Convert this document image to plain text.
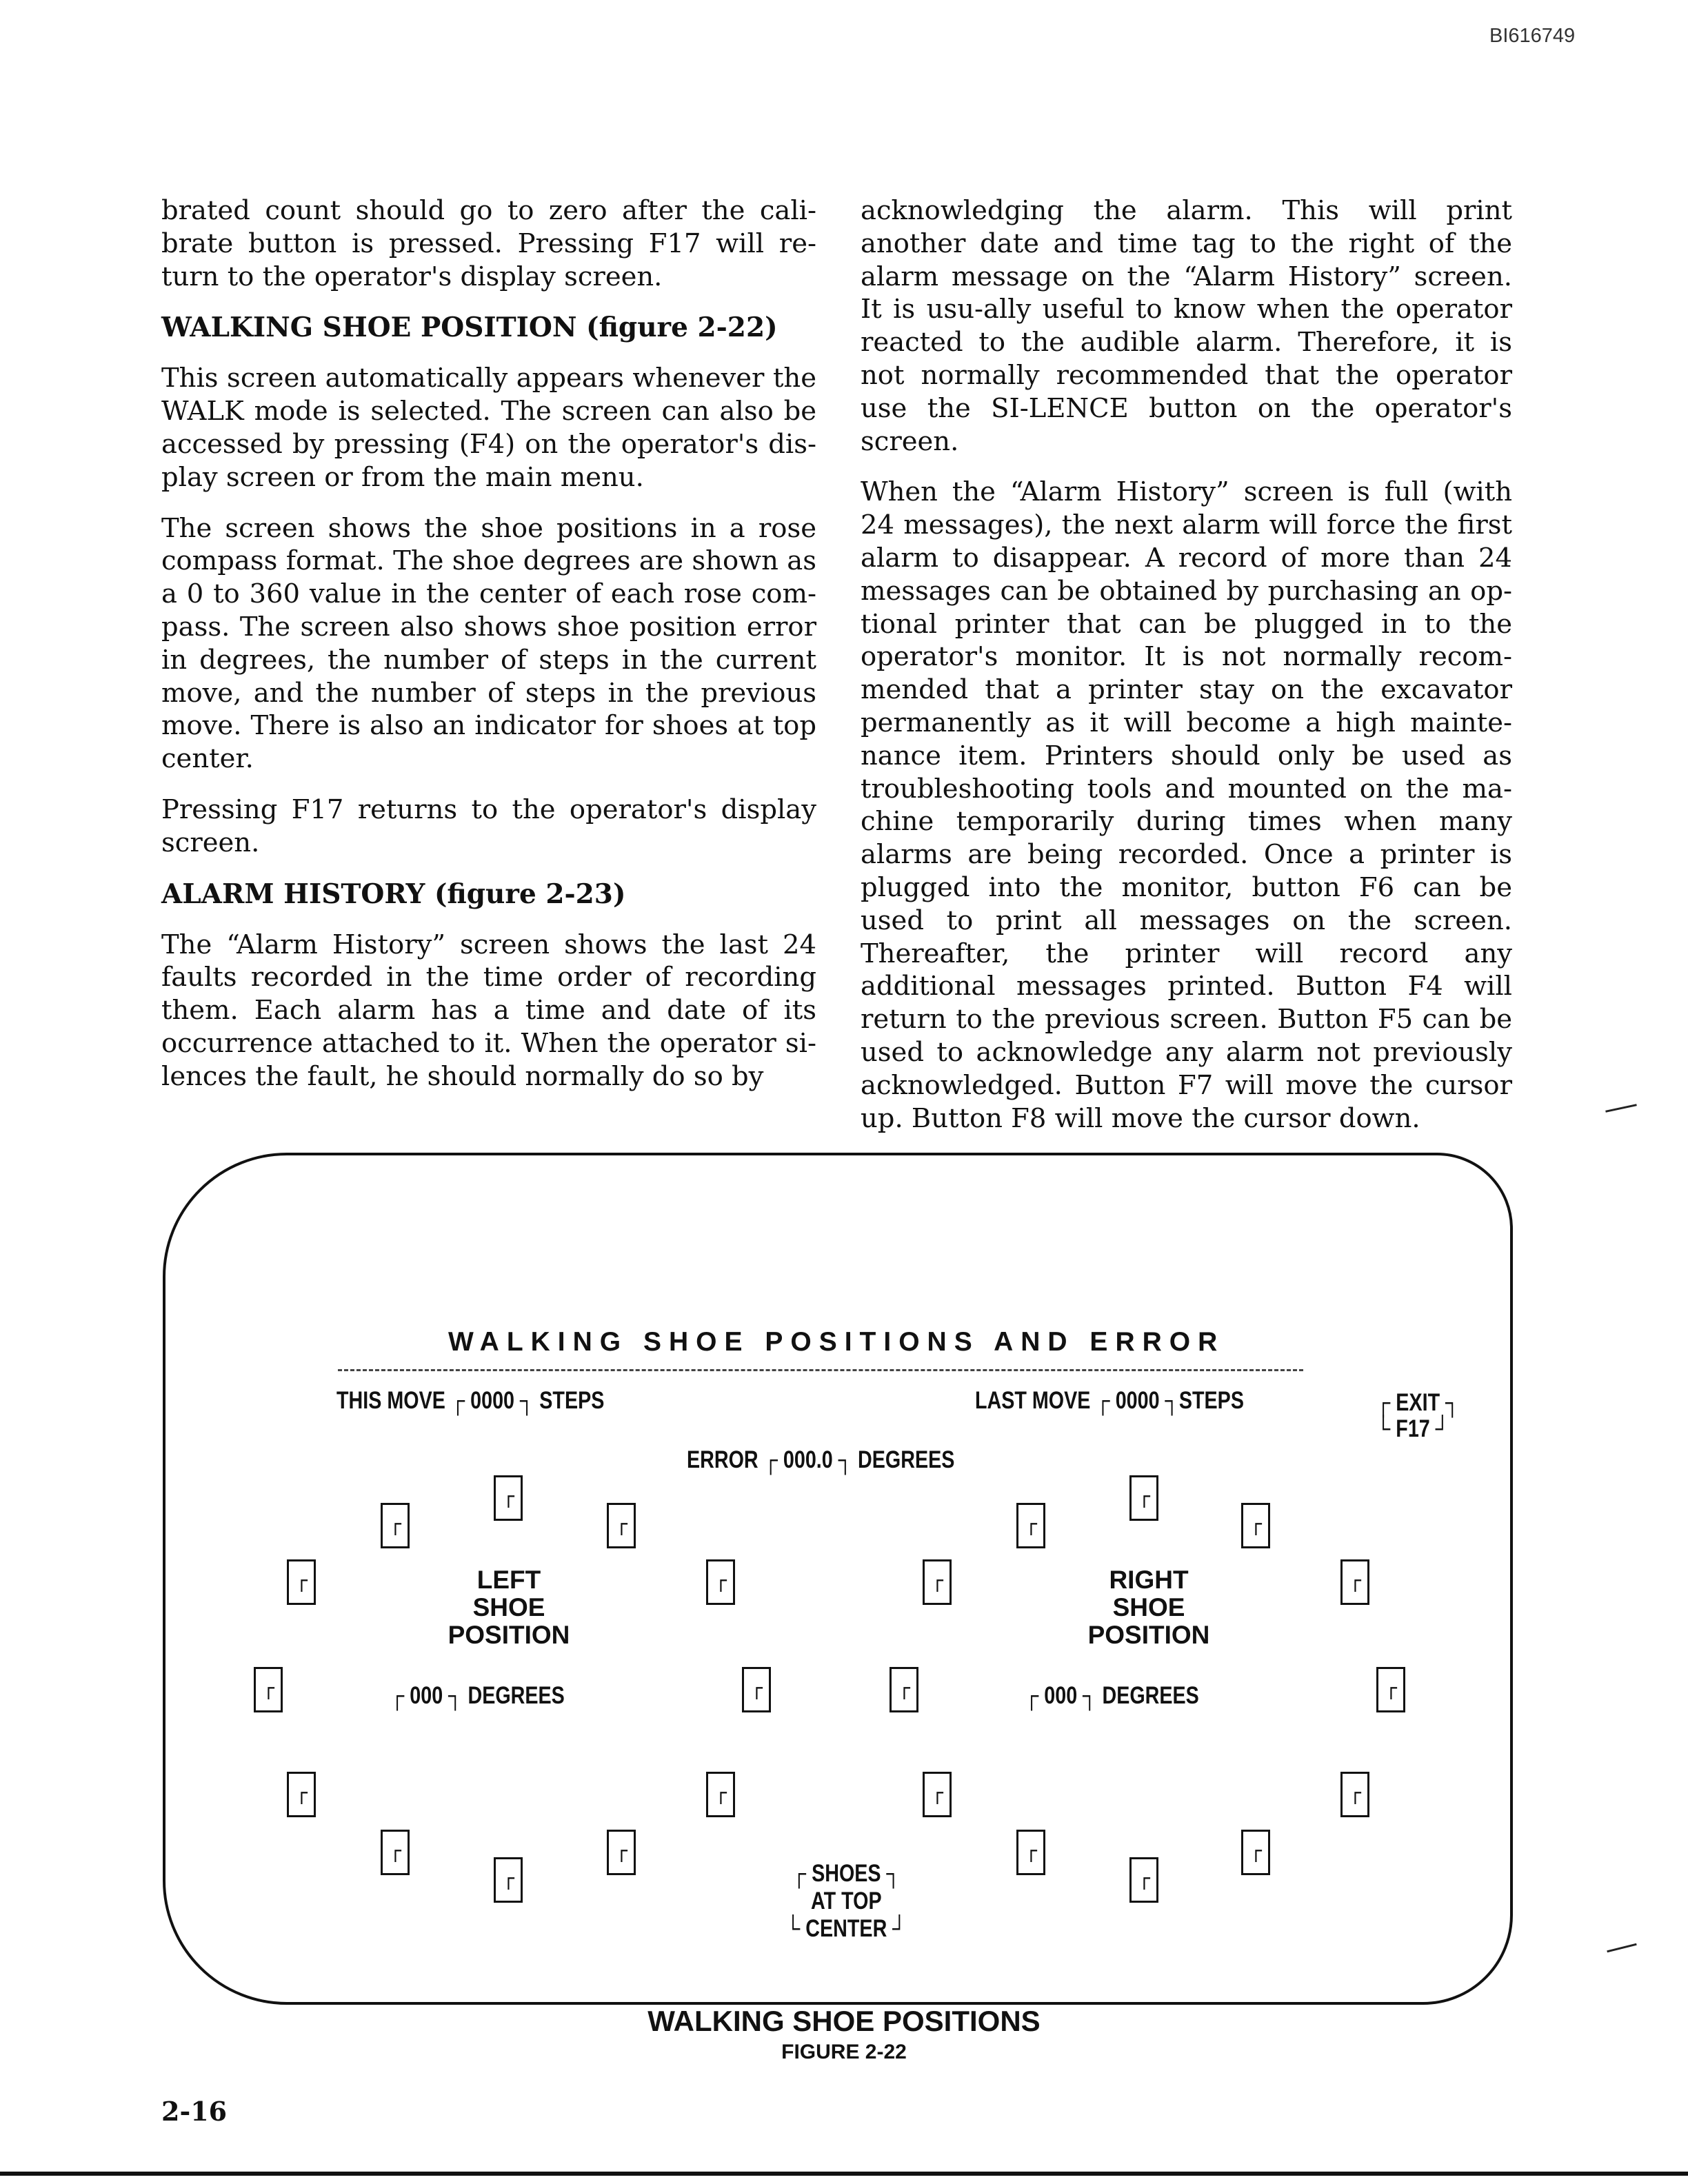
BI616749

brated count should go to zero after the cali-brate button is pressed. Pressing F17 will re-turn to the operator's display screen.

WALKING SHOE POSITION (figure 2-22)

This screen automatically appears whenever the WALK mode is selected. The screen can also be accessed by pressing (F4) on the operator's dis-play screen or from the main menu.

The screen shows the shoe positions in a rose compass format. The shoe degrees are shown as a 0 to 360 value in the center of each rose com-pass. The screen also shows shoe position error in degrees, the number of steps in the current move, and the number of steps in the previous move. There is also an indicator for shoes at top center.

Pressing F17 returns to the operator's display screen.

ALARM HISTORY (figure 2-23)

The “Alarm History” screen shows the last 24 faults recorded in the time order of recording them. Each alarm has a time and date of its occurrence attached to it. When the operator si-lences the fault, he should normally do so by

acknowledging the alarm. This will print another date and time tag to the right of the alarm message on the “Alarm History” screen. It is usu-ally useful to know when the operator reacted to the audible alarm. Therefore, it is not normally recommended that the operator use the SI-LENCE button on the operator's screen.

When the “Alarm History” screen is full (with 24 messages), the next alarm will force the first alarm to disappear. A record of more than 24 messages can be obtained by purchasing an op-tional printer that can be plugged in to the operator's monitor. It is not normally recom-mended that a printer stay on the excavator permanently as it will become a high mainte-nance item. Printers should only be used as troubleshooting tools and mounted on the ma-chine temporarily during times when many alarms are being recorded. Once a printer is plugged into the monitor, button F6 can be used to print all messages on the screen. Thereafter, the printer will record any additional messages printed. Button F4 will return to the previous screen. Button F5 can be used to acknowledge any alarm not previously acknowledged. Button F7 will move the cursor up. Button F8 will move the cursor down.

WALKING SHOE POSITIONS AND ERROR
THIS MOVE ┌ 0000 ┐ STEPS	LAST MOVE ┌ 0000 ┐STEPS	┌ EXIT ┐
└ F17 ┘
ERROR ┌ 000.0 ┐ DEGREES
┌
┌	┌
┌	┌
┌	┌
┌	┌
┌	┌
┌
┌
┌	┌
┌	┌
┌	┌
┌	┌
┌	┌
┌
LEFT
SHOE
POSITION
┌ 000 ┐ DEGREES
RIGHT
SHOE
POSITION
┌ 000 ┐ DEGREES
┌ SHOES ┐
AT TOP
└ CENTER ┘
WALKING SHOE POSITIONS
FIGURE 2-22
2-16
